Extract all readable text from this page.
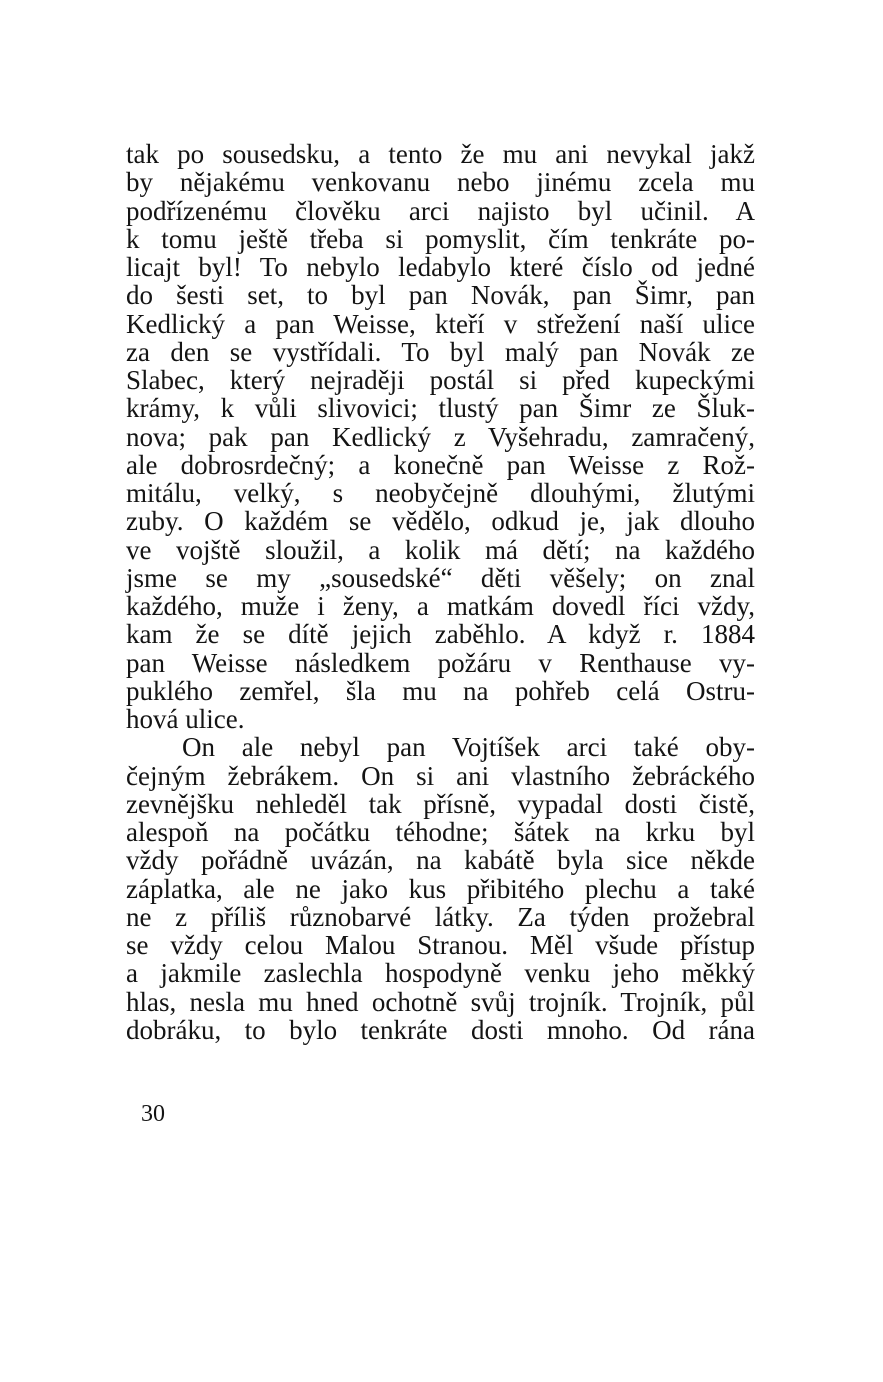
tak po sousedsku, a tento že mu ani nevykal jakž
by nějakému venkovanu nebo jinému zcela mu
podřízenému člověku arci najisto byl učinil. A
k tomu ještě třeba si pomyslit, čím tenkráte po-
licajt byl! To nebylo ledabylo které číslo od jedné
do šesti set, to byl pan Novák, pan Šimr, pan
Kedlický a pan Weisse, kteří v střežení naší ulice
za den se vystřídali. To byl malý pan Novák ze
Slabec, který nejraději postál si před kupeckými
krámy, k vůli slivovici; tlustý pan Šimr ze Šluk-
nova; pak pan Kedlický z Vyšehradu, zamračený,
ale dobrosrdečný; a konečně pan Weisse z Rož-
mitálu, velký, s neobyčejně dlouhými, žlutými
zuby. O každém se vědělo, odkud je, jak dlouho
ve vojště sloužil, a kolik má dětí; na každého
jsme se my „sousedské“ děti věšely; on znal
každého, muže i ženy, a matkám dovedl říci vždy,
kam že se dítě jejich zaběhlo. A když r. 1884
pan Weisse následkem požáru v Renthause vy-
puklého zemřel, šla mu na pohřeb celá Ostru-
hová ulice.
On ale nebyl pan Vojtíšek arci také oby-
čejným žebrákem. On si ani vlastního žebráckého
zevnějšku nehleděl tak přísně, vypadal dosti čistě,
alespoň na počátku téhodne; šátek na krku byl
vždy pořádně uvázán, na kabátě byla sice někde
záplatka, ale ne jako kus přibitého plechu a také
ne z příliš různobarvé látky. Za týden prožebral
se vždy celou Malou Stranou. Měl všude přístup
a jakmile zaslechla hospodyně venku jeho měkký
hlas, nesla mu hned ochotně svůj trojník. Trojník, půl
dobráku, to bylo tenkráte dosti mnoho. Od rána
30
